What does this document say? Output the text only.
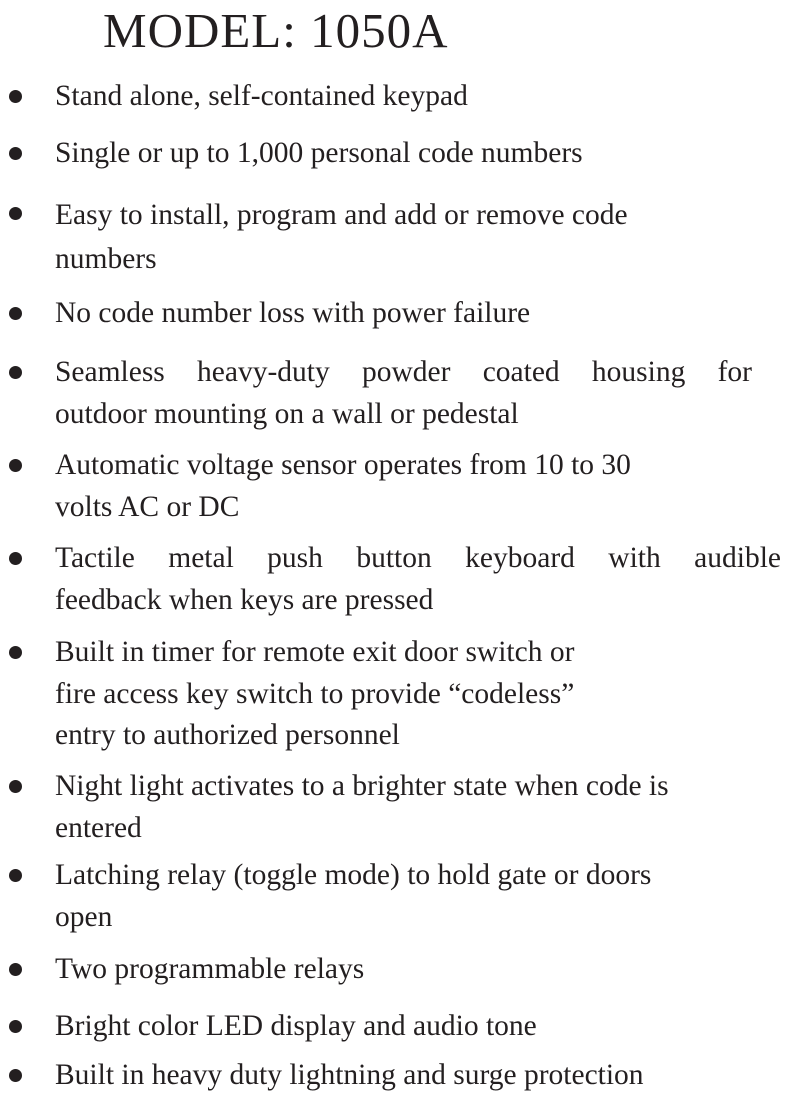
MODEL: 1050A
Stand alone, self-contained keypad
Single or up to 1,000 personal code numbers
Easy to install, program and add or remove code
numbers
No code number loss with power failure
Seamless heavy-duty powder coated housing for
outdoor mounting on a wall or pedestal
Automatic voltage sensor operates from 10 to 30
volts AC or DC
Tactile metal push button keyboard with audible
feedback when keys are pressed
Built in timer for remote exit door switch or
fire access key switch to provide “codeless”
entry to authorized personnel
Night light activates to a brighter state when code is
entered
Latching relay (toggle mode) to hold gate or doors
open
Two programmable relays
Bright color LED display and audio tone
Built in heavy duty lightning and surge protection
